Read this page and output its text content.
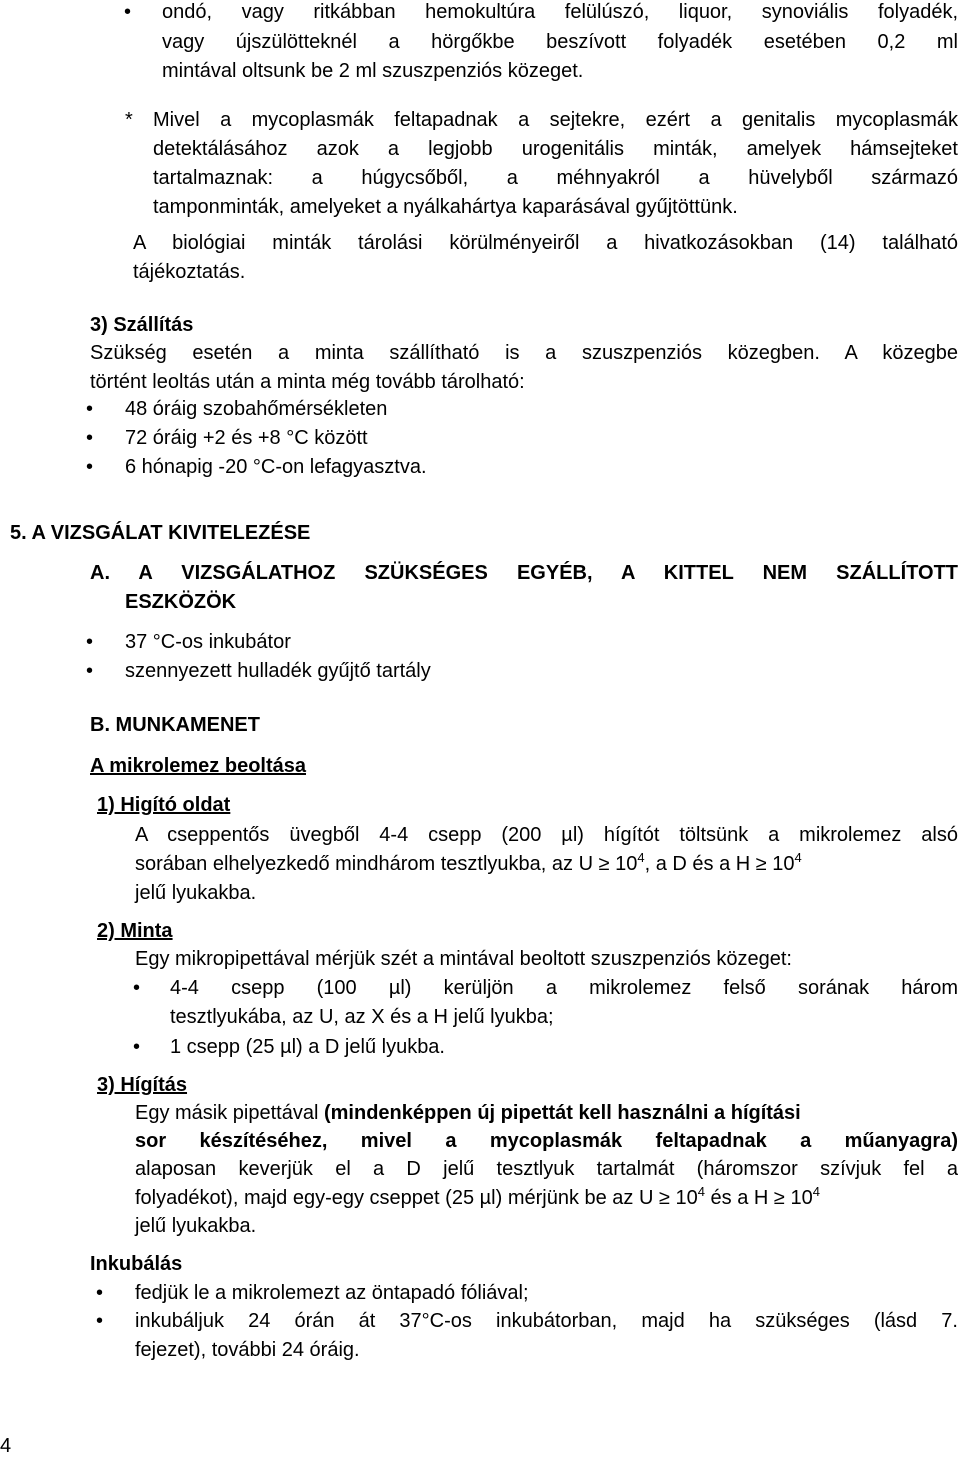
•
ondó, vagy ritkábban hemokultúra felülúszó, liquor, synoviális folyadék,
vagy újszülötteknél a hörgőkbe beszívott folyadék esetében 0,2 ml
mintával oltsunk be 2 ml szuszpenziós közeget.
* Mivel a mycoplasmák feltapadnak a sejtekre, ezért a genitalis mycoplasmák
detektálásához azok a legjobb urogenitális minták, amelyek hámsejteket
tartalmaznak: a húgycsőből, a méhnyakról a hüvelyből származó
tamponminták, amelyeket a nyálkahártya kaparásával gyűjtöttünk.
A biológiai minták tárolási körülményeiről a hivatkozásokban (14) található
tájékoztatás.
3) Szállítás
Szükség esetén a minta szállítható is a szuszpenziós közegben. A közegbe
történt leoltás után a minta még tovább tárolható:
•
48 óráig szobahőmérsékleten
•
72 óráig +2 és +8 °C között
•
6 hónapig -20 °C-on lefagyasztva.
5. A VIZSGÁLAT KIVITELEZÉSE
A. A VIZSGÁLATHOZ SZÜKSÉGES EGYÉB, A KITTEL NEM SZÁLLÍTOTT
ESZKÖZÖK
•
37 °C-os inkubátor
•
szennyezett hulladék gyűjtő tartály
B. MUNKAMENET
A mikrolemez beoltása
1) Higító oldat
A cseppentős üvegből 4-4 csepp (200 µl) hígítót töltsünk a mikrolemez alsó
sorában elhelyezkedő mindhárom tesztlyukba, az $U \ge 10^4$, a D és a $H \ge 10^4$
jelű lyukakba.
2) Minta
Egy mikropipettával mérjük szét a mintával beoltott szuszpenziós közeget:
•
4-4 csepp (100 µl) kerüljön a mikrolemez felső sorának három
tesztlyukába, az U, az X és a H jelű lyukba;
•
1 csepp (25 µl) a D jelű lyukba.
3) Hígítás
Egy másik pipettával (mindenképpen új pipettát kell használni a hígítási
sor készítéséhez, mivel a mycoplasmák feltapadnak a műanyagra)
alaposan keverjük el a D jelű tesztlyuk tartalmát (háromszor szívjuk fel a
folyadékot), majd egy-egy cseppet (25 µl) mérjünk be az $U \ge 10^4$ és a $H \ge 10^4$
jelű lyukakba.
Inkubálás
•
fedjük le a mikrolemezt az öntapadó fóliával;
•
inkubáljuk 24 órán át 37°C-os inkubátorban, majd ha szükséges (lásd 7.
fejezet), további 24 óráig.
4
